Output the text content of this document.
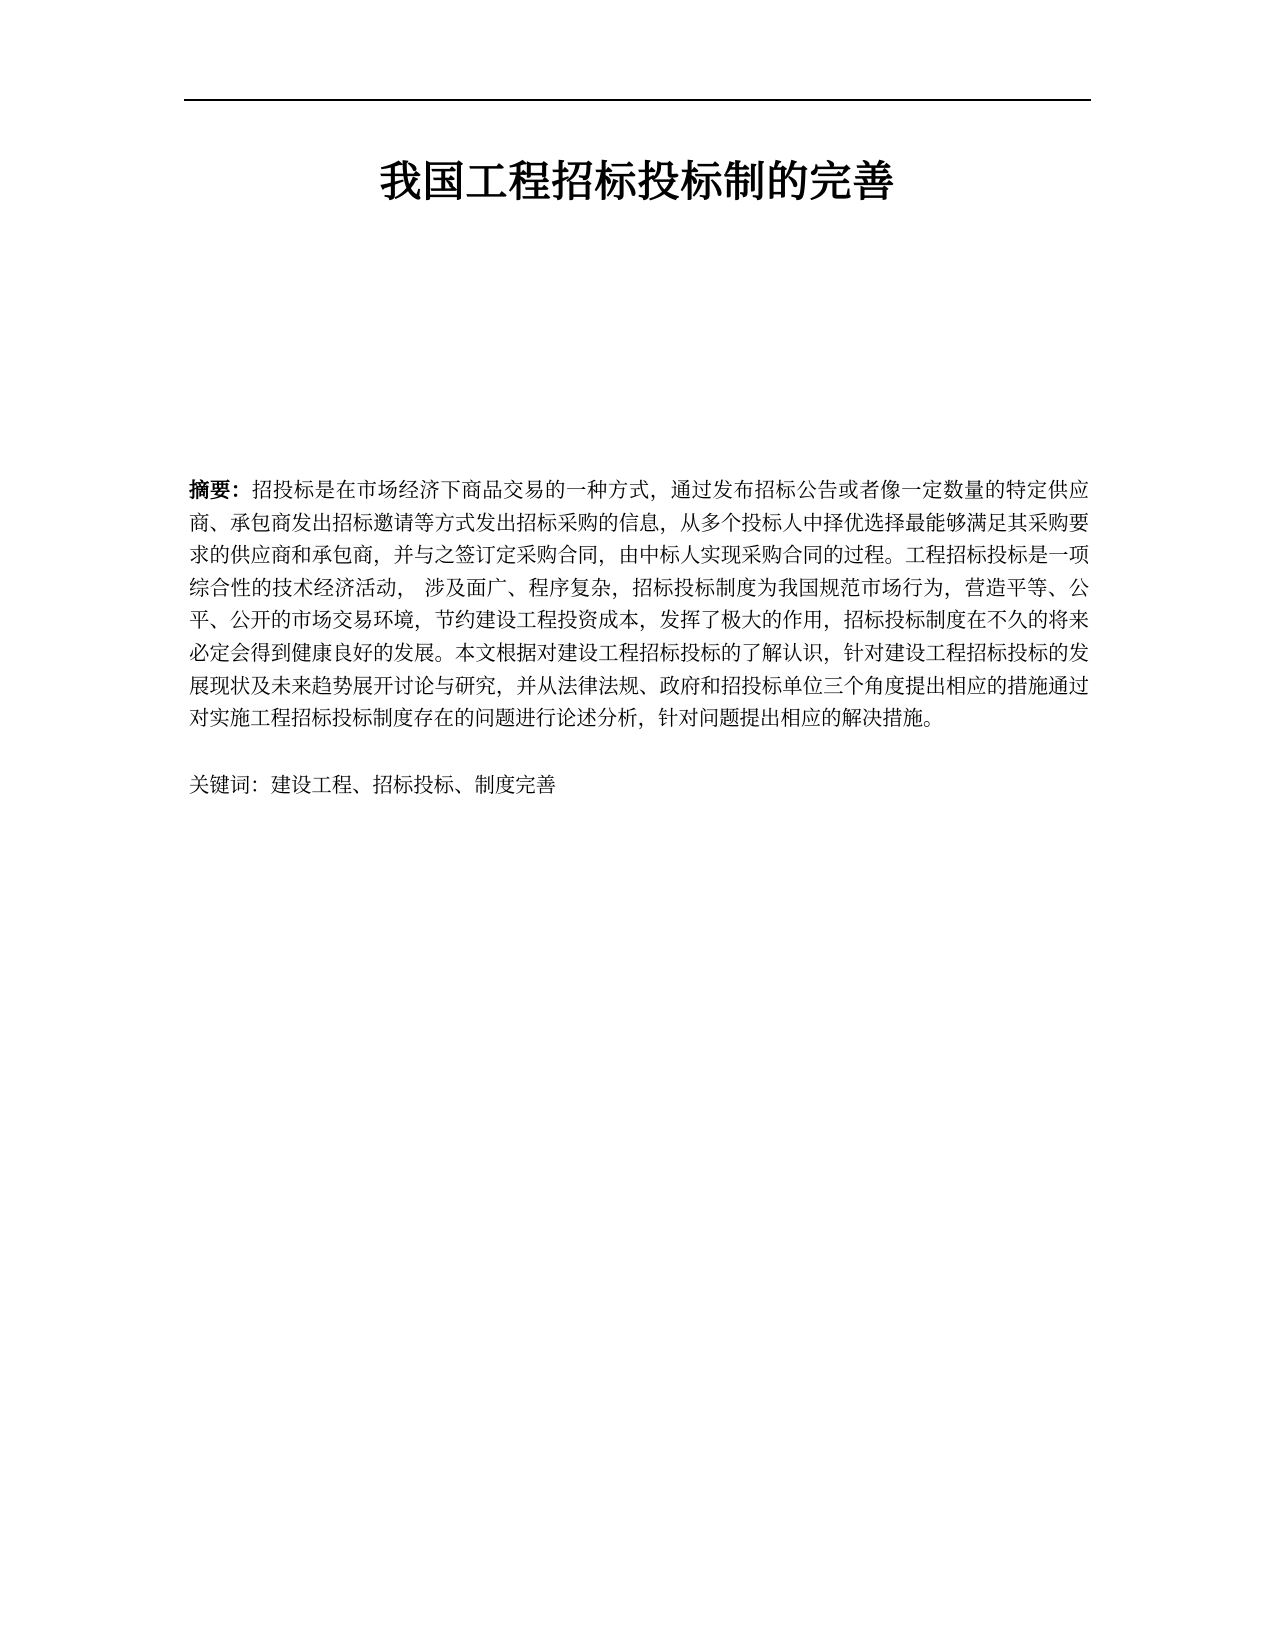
我国工程招标投标制的完善

摘要：招投标是在市场经济下商品交易的一种方式，通过发布招标公告或者像一定数量的特定供应商、承包商发出招标邀请等方式发出招标采购的信息，从多个投标人中择优选择最能够满足其采购要求的供应商和承包商，并与之签订定采购合同，由中标人实现采购合同的过程。工程招标投标是一项综合性的技术经济活动， 涉及面广、程序复杂，招标投标制度为我国规范市场行为，营造平等、公平、公开的市场交易环境，节约建设工程投资成本，发挥了极大的作用，招标投标制度在不久的将来必定会得到健康良好的发展。本文根据对建设工程招标投标的了解认识，针对建设工程招标投标的发展现状及未来趋势展开讨论与研究，并从法律法规、政府和招投标单位三个角度提出相应的措施通过对实施工程招标投标制度存在的问题进行论述分析，针对问题提出相应的解决措施。

关键词：建设工程、招标投标、制度完善
